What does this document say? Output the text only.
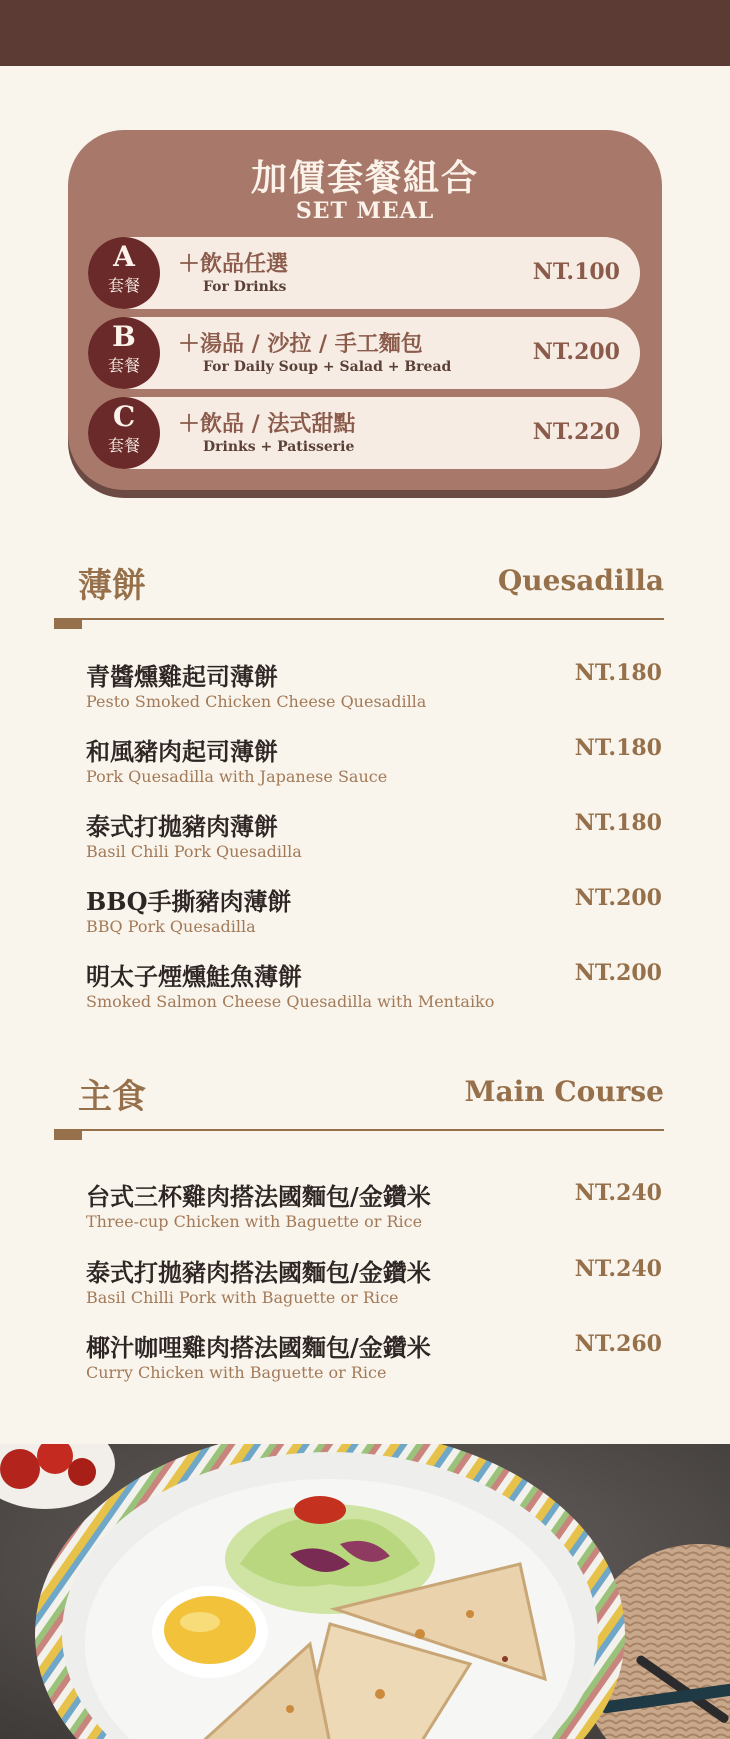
加價套餐組合
SET MEAL
A
套餐
＋飲品任選
For Drinks
NT.100
B
套餐
＋湯品 / 沙拉 / 手工麵包
For Daily Soup + Salad + Bread
NT.200
C
套餐
＋飲品 / 法式甜點
Drinks + Patisserie
NT.220
薄餅	Quesadilla
青醬燻雞起司薄餅
Pesto Smoked Chicken Cheese Quesadilla
NT.180
和風豬肉起司薄餅
Pork Quesadilla with Japanese Sauce
NT.180
泰式打拋豬肉薄餅
Basil Chili Pork Quesadilla
NT.180
BBQ手撕豬肉薄餅
BBQ Pork Quesadilla
NT.200
明太子煙燻鮭魚薄餅
Smoked Salmon Cheese Quesadilla with Mentaiko
NT.200
主食	Main Course
台式三杯雞肉搭法國麵包/金鑽米
Three-cup Chicken with Baguette or Rice
NT.240
泰式打拋豬肉搭法國麵包/金鑽米
Basil Chilli Pork with Baguette or Rice
NT.240
椰汁咖哩雞肉搭法國麵包/金鑽米
Curry Chicken with Baguette or Rice
NT.260
